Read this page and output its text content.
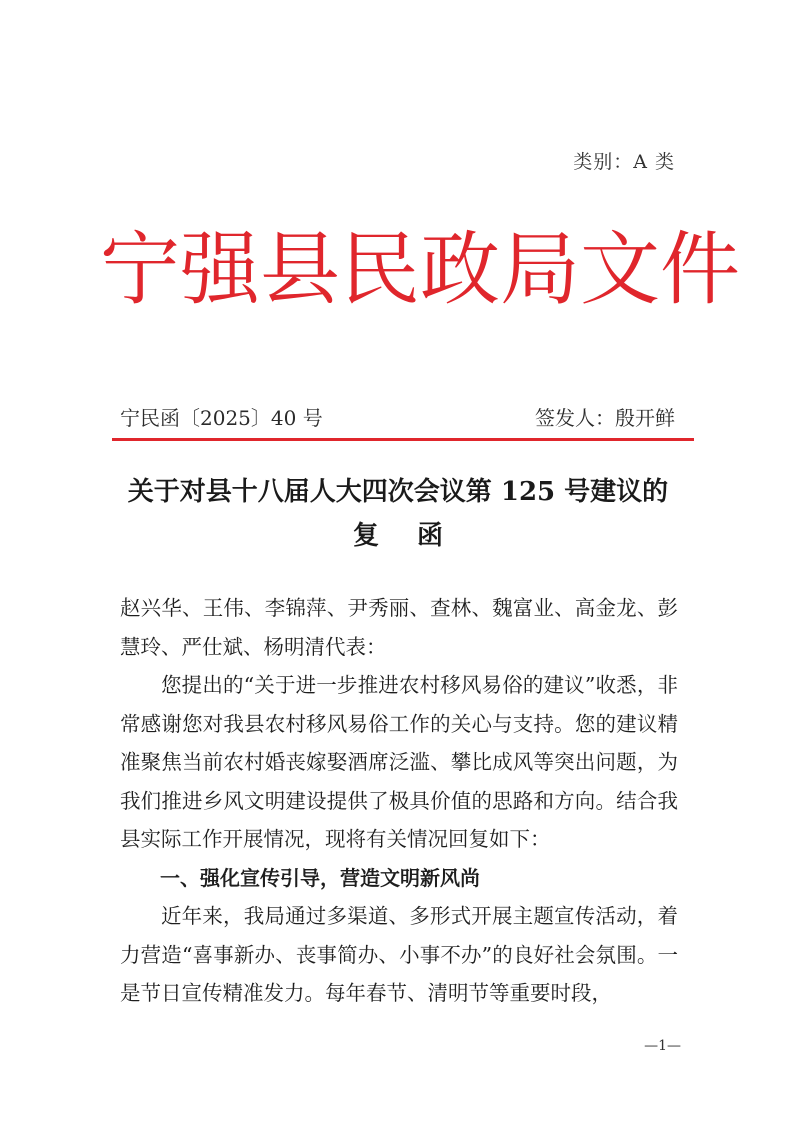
类别：A 类
宁强县民政局文件
宁民函〔2025〕40 号	签发人：殷开鲜
关于对县十八届人大四次会议第 125 号建议的
复函

赵兴华、王伟、李锦萍、尹秀丽、查林、魏富业、高金龙、彭慧玲、严仕斌、杨明清代表：

您提出的“关于进一步推进农村移风易俗的建议”收悉，非常感谢您对我县农村移风易俗工作的关心与支持。您的建议精准聚焦当前农村婚丧嫁娶酒席泛滥、攀比成风等突出问题，为我们推进乡风文明建设提供了极具价值的思路和方向。结合我县实际工作开展情况，现将有关情况回复如下：

一、强化宣传引导，营造文明新风尚

近年来，我局通过多渠道、多形式开展主题宣传活动，着力营造“喜事新办、丧事简办、小事不办”的良好社会氛围。一是节日宣传精准发力。每年春节、清明节等重要时段，

—1—
